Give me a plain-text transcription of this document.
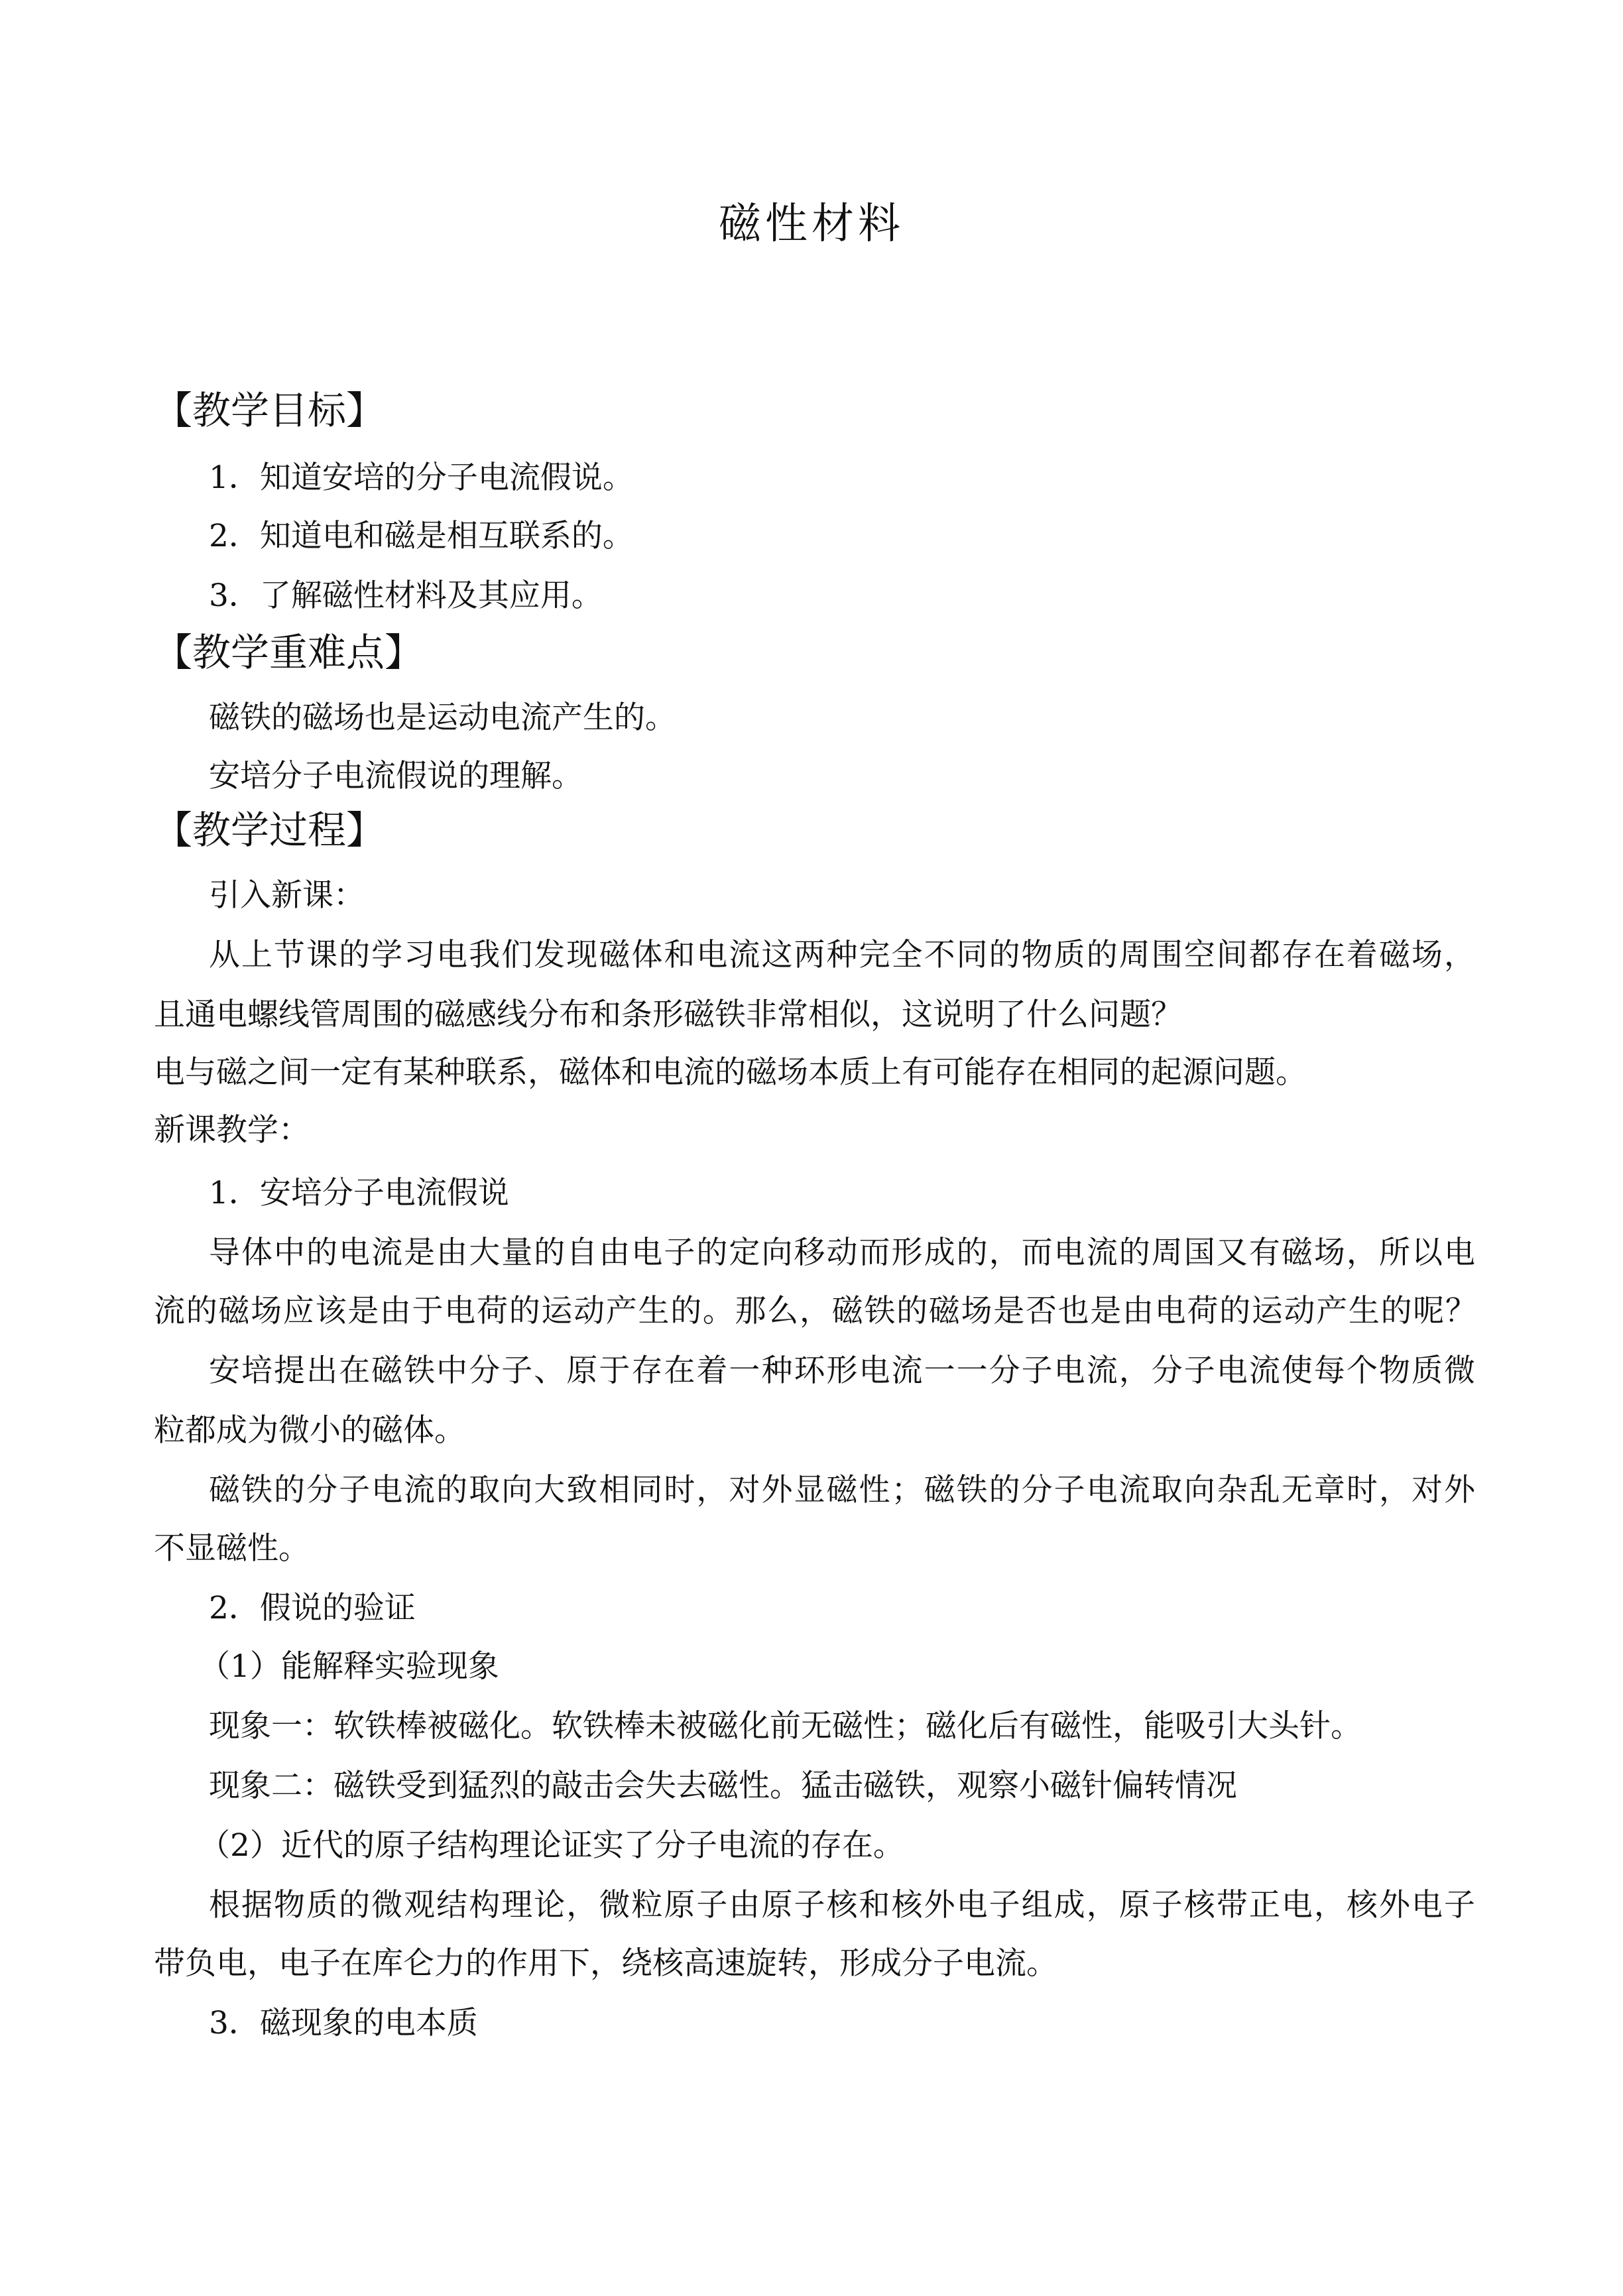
磁性材料
【教学目标】
1．知道安培的分子电流假说。
2．知道电和磁是相互联系的。
3．了解磁性材料及其应用。
【教学重难点】
磁铁的磁场也是运动电流产生的。
安培分子电流假说的理解。
【教学过程】
引入新课：
从上节课的学习电我们发现磁体和电流这两种完全不同的物质的周围空间都存在着磁场，
且通电螺线管周围的磁感线分布和条形磁铁非常相似，这说明了什么问题？
电与磁之间一定有某种联系，磁体和电流的磁场本质上有可能存在相同的起源问题。
新课教学：
1．安培分子电流假说
导体中的电流是由大量的自由电子的定向移动而形成的，而电流的周国又有磁场，所以电
流的磁场应该是由于电荷的运动产生的。那么，磁铁的磁场是否也是由电荷的运动产生的呢？
安培提出在磁铁中分子、原于存在着一种环形电流一一分子电流，分子电流使每个物质微
粒都成为微小的磁体。
磁铁的分子电流的取向大致相同时，对外显磁性；磁铁的分子电流取向杂乱无章时，对外
不显磁性。
2．假说的验证
（1）能解释实验现象
现象一：软铁棒被磁化。软铁棒未被磁化前无磁性；磁化后有磁性，能吸引大头针。
现象二：磁铁受到猛烈的敲击会失去磁性。猛击磁铁，观察小磁针偏转情况
（2）近代的原子结构理论证实了分子电流的存在。
根据物质的微观结构理论，微粒原子由原子核和核外电子组成，原子核带正电，核外电子
带负电，电子在库仑力的作用下，绕核高速旋转，形成分子电流。
3．磁现象的电本质
